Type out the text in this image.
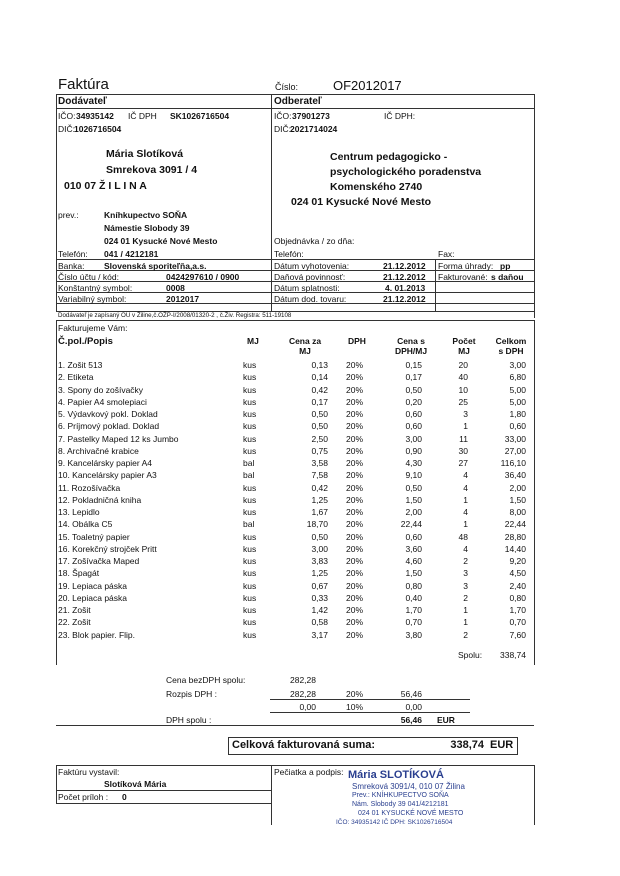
Faktúra	Číslo:	OF2012017
Dodávateľ
IČO: 34935142 IČ DPH SK1026716504
DIČ: 1026716504
Mária Slotíková
Smrekova 3091 / 4
010 07 Ž I L I N A
prev.:	Kníhkupectvo SOŇA
Námestie Slobody 39
024 01 Kysucké Nové Mesto
Telefón: 041 / 4212181
Odberateľ
IČO: 37901273	IČ DPH:
DIČ: 2021714024
Centrum pedagogicko -
psychologického poradenstva
Komenského 2740
024 01 Kysucké Nové Mesto
Objednávka / zo dňa:
Telefón:	Fax:
Banka: Slovenská sporiteľňa,a.s.
Číslo účtu / kód:	0424297610 / 0900
Konštantný symbol:	0008
Variabilný symbol:	2012017
Dátum vyhotovenia:	21.12.2012 Forma úhrady: pp
Daňová povinnosť:	21.12.2012 Fakturované: s daňou
Dátum splatnosti:	4. 01.2013
Dátum dod. tovaru:	21.12.2012
Dodávateľ je zapísaný OU v Žiline,č.OŽP-I/2008/01320-2 , č.Živ. Registra: 511-19108
Fakturujeme Vám:
Č.pol./Popis	MJ	Cena za
MJ
DPH	Cena s
DPH/MJ
Počet
MJ
Celkom
s DPH
1. Zošit 513	kus	0,13 20%	0,15	20	3,00
2. Etiketa	kus	0,14 20%	0,17	40	6,80
3. Spony do zošívačky	kus	0,42 20%	0,50	10	5,00
4. Papier A4 smolepiaci	kus	0,17 20%	0,20	25	5,00
5. Výdavkový pokl. Doklad	kus	0,50 20%	0,60	3	1,80
6. Príjmový poklad. Doklad	kus	0,50 20%	0,60	1	0,60
7. Pastelky Maped 12 ks Jumbo	kus	2,50 20%	3,00	11	33,00
8. Archivačné krabice	kus	0,75 20%	0,90	30	27,00
9. Kancelársky papier A4	bal	3,58 20%	4,30	27	116,10
10. Kancelársky papier A3	bal	7,58 20%	9,10	4	36,40
11. Rozošívačka	kus	0,42 20%	0,50	4	2,00
12. Pokladničná kniha	kus	1,25 20%	1,50	1	1,50
13. Lepidlo	kus	1,67 20%	2,00	4	8,00
14. Obálka C5	bal	18,70 20%	22,44	1	22,44
15. Toaletný papier	kus	0,50 20%	0,60	48	28,80
16. Korekčný strojček Pritt	kus	3,00 20%	3,60	4	14,40
17. Zošívačka Maped	kus	3,83 20%	4,60	2	9,20
18. Špagát	kus	1,25 20%	1,50	3	4,50
19. Lepiaca páska	kus	0,67 20%	0,80	3	2,40
20. Lepiaca páska	kus	0,33 20%	0,40	2	0,80
21. Zošit	kus	1,42 20%	1,70	1	1,70
22. Zošit	kus	0,58 20%	0,70	1	0,70
23. Blok papier. Flip.	kus	3,17 20%	3,80	2	7,60
Spolu:	338,74
Cena bezDPH spolu:	282,28
Rozpis DPH :	282,28	20%	56,46
0,00	10%	0,00
DPH spolu :	56,46 EUR
Celková fakturovaná suma:	338,74 EUR
Faktúru vystavil:
Slotíková Mária
Počet príloh : 0
Pečiatka a podpis: Mária SLOTÍKOVÁ
Smreková 3091/4, 010 07 Žilina
Prev.: KNÍHKUPECTVO SOŇA
Nám. Slobody 39 041/4212181
024 01 KYSUCKÉ NOVÉ MESTO
IČO: 34935142 IČ DPH: SK1026716504
